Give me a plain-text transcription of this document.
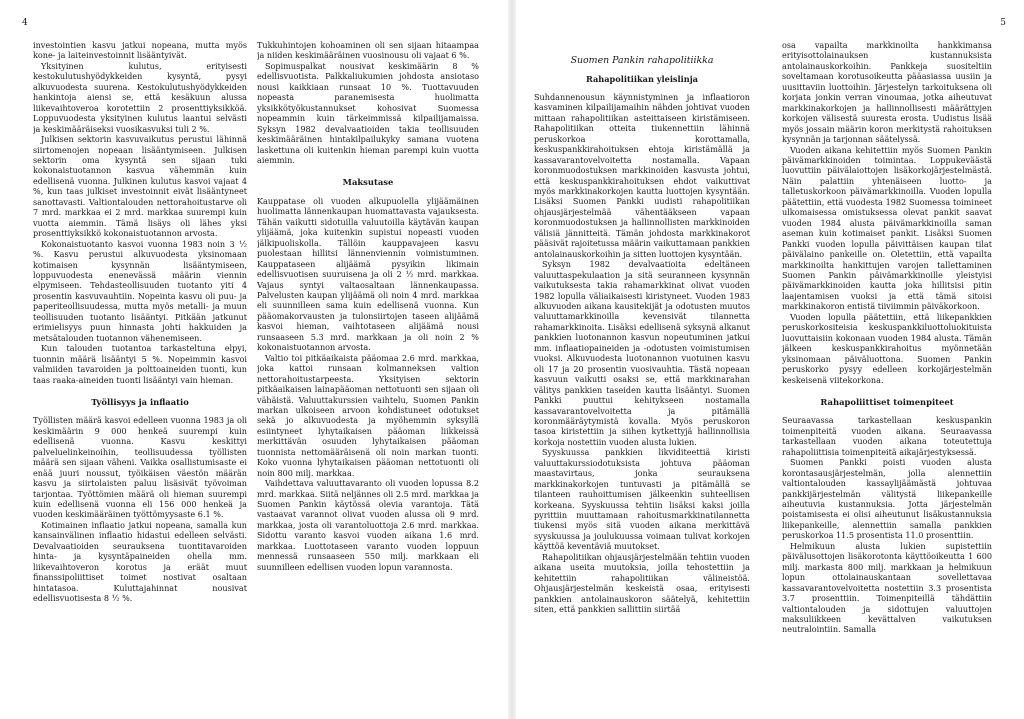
4

investointien kasvu jatkui nopeana, mutta myös kone- ja laiteinvestoinnit lisääntyivät.

Yksityinen kulutus, erityisesti kestokulutushyödykkeiden kysyntä, pysyi alkuvuodesta suurena. Kestokulutushyödykkeiden hankintoja aiensi se, että kesäkuun alussa liikevaihtoveroa korotettiin 2 prosenttiyksikköä. Loppuvuodesta yksityinen kulutus laantui selvästi ja keskimääräiseksi vuosikasvuksi tuli 2 %.

Julkisen sektorin kasvuvaikutus perustui lähinnä siirtomenojen nopeaan lisääntymiseen. Julkisen sektorin oma kysyntä sen sijaan tuki kokonaistuotannon kasvua vähemmän kuin edellisenä vuonna. Julkinen kulutus kasvoi vajaat 4 %, kun taas julkiset investoinnit eivät lisääntyneet sanottavasti. Valtiontalouden nettorahoitustarve oli 7 mrd. markkaa ei 2 mrd. markkaa suurempi kuin vuotta aiemmin. Tämä lisäys oli lähes yksi prosenttiyksikkö kokonaistuotannon arvosta.

Kokonaistuotanto kasvoi vuonna 1983 noin 3 ½ %. Kasvu perustui alkuvuodesta yksinomaan kotimaisen kysynnän lisääntymiseen, loppuvuodesta enenevässä määrin viennin elpymiseen. Tehdasteollisuuden tuotanto yiti 4 prosentin kasvuvauhtiin. Nopeinta kasvu oli puu- ja paperiteollisuudessa, mutta myös metalli- ja muun teollisuuden tuotanto lisääntyi. Pitkään jatkunut erimielisyys puun hinnasta johti hakkuiden ja metsätalouden tuotannon vähenemiseen.

Kun talouden tuotantoa tarkasteltuna elpyi, tuonnin määrä lisääntyi 5 %. Nopeimmin kasvoi valmiiden tavaroiden ja polttoaineiden tuonti, kun taas raaka-aineiden tuonti lisääntyi vain hieman.

Työllisyys ja inflaatio

Työllisten määrä kasvoi edelleen vuonna 1983 ja oli keskimäärin 9 000 henkeä suurempi kuin edellisenä vuonna. Kasvu keskittyi palveluelinkeinoihin, teollisuudessa työllisten määrä sen sijaan väheni. Vaikka osallistumisaste ei enää juuri noussut, työikäisen väestön määrän kasvu ja siirtolaisten paluu lisäsivät työvoiman tarjontaa. Työttömien määrä oli hieman suurempi kuin edellisenä vuonna eli 156 000 henkeä ja vuoden keskimääräinen työttömyysaste 6.1 %.

Kotimainen inflaatio jatkui nopeana, samalla kun kansainvälinen inflaatio hidastui edelleen selvästi. Devalvaatioiden seurauksena tuontitavaroiden hinta- ja kysyntäpaineiden ohella mm. liikevaihtoveron korotus ja eräät muut finanssipoliittiset toimet nostivat osaltaan hintatasoa. Kuluttajahinnat nousivat edellisvuotisesta 8 ½ %.

Tukkuhintojen kohoaminen oli sen sijaan hitaampaa ja niiden keskimääräinen vuosinousu oli vajaat 6 %.

Sopimuspalkat nousivat keskimäärin 8 % edellisvuotista. Palkkaliukumien johdosta ansiotaso nousi kaikkiaan runsaat 10 %. Tuottavuuden nopeasta paranemisesta huolimatta yksikkötyökustannukset kohosivat Suomessa nopeammin kuin tärkeimmissä kilpailijamaissa. Syksyn 1982 devalvaatioiden takia teollisuuden keskimääräinen hintakilpailukyky samana vuotena laskettuna oli kuitenkin hieman parempi kuin vuotta aiemmin.

Maksutase

Kauppatase oli vuoden alkupuolella ylijäämäinen huolimatta lännenkaupan huomattavasta vajauksesta. Tähän vaikutti sidotuilla valuutoilla käytävän kaupan ylijäämä, joka kuitenkin supistui nopeasti vuoden jälkipuoliskolla. Tällöin kauppavajeen kasvu puolestaan hillitsi lännenviennin voimistuminen. Kauppataseen alijäämä pysyikin likimain edellisvuotisen suuruisena ja oli 2 ½ mrd. markkaa. Vajaus syntyi valtaosaltaan lännenkaupassa. Palvelusten kaupan ylijäämä oli noin 4 mrd. markkaa eli suunnilleen sama kuin edellisenä vuonna. Kun pääomakorvausten ja tulonsiirtojen taseen alijäämä kasvoi hieman, vaihtotaseen alijäämä nousi runsaaseen 5.3 mrd. markkaan ja oli noin 2 % kokonaistuotannon arvosta.

Valtio toi pitkäaikaista pääomaa 2.6 mrd. markkaa, joka kattoi runsaan kolmanneksen valtion nettorahoitustarpeesta. Yksityisen sektorin pitkäaikaisen lainapääoman nettotuonti sen sijaan oli vähäistä. Valuuttakurssien vaihtelu, Suomen Pankin markan ulkoiseen arvoon kohdistuneet odotukset sekä jo alkuvuodesta ja myöhemmin syksyllä esiintyneet lyhytaikaisen pääoman liikkeissä merkittävän osuuden lyhytaikaisen pääoman tuonnista nettomääräisenä oli noin markan tuonti. Koko vuonna lyhytaikaisen pääoman nettotuonti oli noin 800 milj. markkaa.

Vaihdettava valuuttavaranto oli vuoden lopussa 8.2 mrd. markkaa. Siitä neljännes oli 2.5 mrd. markkaa ja Suomen Pankin käytössä olevia varantoja. Tätä vastaavat varannot olivat vuoden alussa oli 9 mrd. markkaa, josta oli varantoluottoja 2.6 mrd. markkaa. Sidottu varanto kasvoi vuoden aikana 1.6 mrd. markkaa. Luottotaseen varanto vuoden loppuun mennessä runsaaseen 550 milj. markkaan eli suunnilleen edellisen vuoden lopun varannosta.

5
Suomen Pankin rahapolitiikka
Rahapolitiikan yleislinja

Suhdannenousun käynnistyminen ja inflaatioron kasvaminen kilpailijamaihin nähden johtivat vuoden mittaan rahapolitiikan asteittaiseen kiristämiseen. Rahapolitiikan otteita tiukennettiin lähinnä peruskorkoa korottamalla, keskuspankkirahoituksen ehtoja kiristämällä ja kassavarantovelvoitetta nostamalla. Vapaan koronmuodostuksen markkinoiden kasvusta johtui, että keskuspankkirahoituksen ehdot vaikuttivat myös markkinakorkojen kautta luottojen kysyntään. Lisäksi Suomen Pankki uudisti rahapolitiikan ohjausjärjestelmää vähentääkseen vapaan koronmuodostuksen ja hallinnollisten markkinoiden välisiä jännitteitä. Tämän johdosta markkinakorot pääsivät rajoitetussa määrin vaikuttamaan pankkien antolainauskorkoihin ja sitten luottojen kysyntään.

Syksyn 1982 devalvaatioita edeltäneen valuuttaspekulaation ja sitä seuranneen kysynnän vaikutuksesta takia rahamarkkinat olivat vuoden 1982 lopulla väliaikaisesti kiristyneet. Vuoden 1983 alkuvuoden aikana kausitekijät ja odotusten muutos valuuttamarkkinoilla kevensivät tilannetta rahamarkkinoita. Lisäksi edellisenä syksynä alkanut pankkien luotonannon kasvun nopeutuminen jatkui mm. inflaatiopaineiden ja -odotusten voimistumisen vuoksi. Alkuvuodesta luotonannon vuotuinen kasvu oli 17 ja 20 prosentin vuosivauhtia. Tästä nopeaan kasvuun vaikutti osaksi se, että markkinarahan välitys pankkien taseiden kautta lisääntyi. Suomen Pankki puuttui kehitykseen nostamalla kassavarantovelvoitetta ja pitämällä koronmääräytymistä kovalla. Myös peruskoron tasoa kiristettiin ja siihen kytkettyjä hallinnollisia korkoja nostettiin vuoden alusta lukien.

Syyskuussa pankkien likviditeettiä kiristi valuuttakurssiodotuksista johtuva pääoman maastavirtaus, jonka seurauksena markkinakorkojen tuntuvasti ja pitämällä se tilanteen rauhoittumisen jälkeenkin suhteellisen korkeana. Syyskuussa tehtiin lisäksi kaksi joilla pyrittiin muuttamaan rahoitusmarkkinatilannetta tiukensi myös sitä vuoden aikana merkittävä syyskuussa ja joulukuussa voimaan tulivat korkojen käyttöä keventäviä muutokset.

Rahapolitiikan ohjausjärjestelmään tehtiin vuoden aikana useita muutoksia, joilla tehostettiin ja kehitettiin rahapolitiikan välineistöä. Ohjausjärjestelmän keskeistä osaa, erityisesti pankkien antolainauskoron säätelyä, kehitettiin siten, että pankkien sallittiin siirtää

osa vapailta markkinoilta hankkimansa erityisottolainauksen kustannuksista antolainauskorkoihin. Pankkeja suositeltiin soveltamaan korotusoikeutta pääasiassa uusiin ja uusittaviin luottoihin. Järjestelyn tarkoituksena oli korjata jonkin verran vinoumaa, jotka aiheutuvat markkinakorkojen ja hallinnollisesti määrättyjen korkojen välisestä suuresta erosta. Uudistus lisää myös jossain määrin koron merkitystä rahoituksen kysynnän ja tarjonnan säätelyssä.

Vuoden aikana kehitettiin myös Suomen Pankin päivämarkkinoiden toimintaa. Loppukeväästä luovuttiin päivälaiottojen lisäkorkojärjestelmästä. Näin palattiin yhtenäiseen luotto- ja talletuskorkoon päivämarkkinoilla. Vuoden lopulla päätettiin, että vuodesta 1982 Suomessa toimineet ulkomaisessa omistuksessa olevat pankit saavat vuoden 1984 alusta päivämarkkinoilla saman aseman kuin kotimaiset pankit. Lisäksi Suomen Pankki vuoden lopulla päivittäisen kaupan tilat päivälaino pankeille on. Oletettiin, että vapailta markkinoilta hankittujen varojen tallettaminen Suomen Pankin päivämarkkinoille yleistyisi päivämarkkinoiden kautta joka hillitsisi pitin laajentamisen vuoksi ja että tämä sitoisi markkinakoron entistä tiiviimmin päiväkorkoon.

Vuoden lopulla päätettiin, että liikepankkien peruskorkositeisia keskuspankkiluottoluokituista luovuttaisiin kokonaan vuoden 1984 alusta. Tämän jälkeen keskuspankkirahoitus myönnetään yksinomaan päiväluottona. Suomen Pankin peruskorko pysyy edelleen korkojärjestelmän keskeisenä viitekorkona.

Rahapoliittiset toimenpiteet

Seuraavassa tarkastellaan keskuspankin toimenpiteitä vuoden aikana. Seuraavassa tarkastellaan vuoden aikana toteutettuja rahapoliittisia toimenpiteitä aikajärjestyksessä.

Suomen Pankki poisti vuoden alusta korontasausjärjestelmän, jolla alennettiin valtiontalouden kassaylijäämästä johtuvaa pankkijärjestelmän välitystä liikepankeille aiheutuvia kustannuksia. Jotta järjestelmän poistamisesta ei olisi aiheutunut lisäkustannuksia liikepankeille, alennettiin samalla pankkien peruskorkoa 11.5 prosentista 11.0 prosenttiin.

Helmikuun alusta lukien supistettiin päivälusottojen lisäkorotonta käyttöoikeutta 1 600 milj. markasta 800 milj. markkaan ja helmikuun lopun ottolainauskantaan sovellettavaa kassavarantovelvoitetta nostettiin 3.3 prosentista 3.7 prosenttiin. Toimenpiteillä tähdättiin valtiontalouden ja sidottujen valuuttojen maksuliikkeen kevättalven vaikutuksen neutralointiin. Samalla
